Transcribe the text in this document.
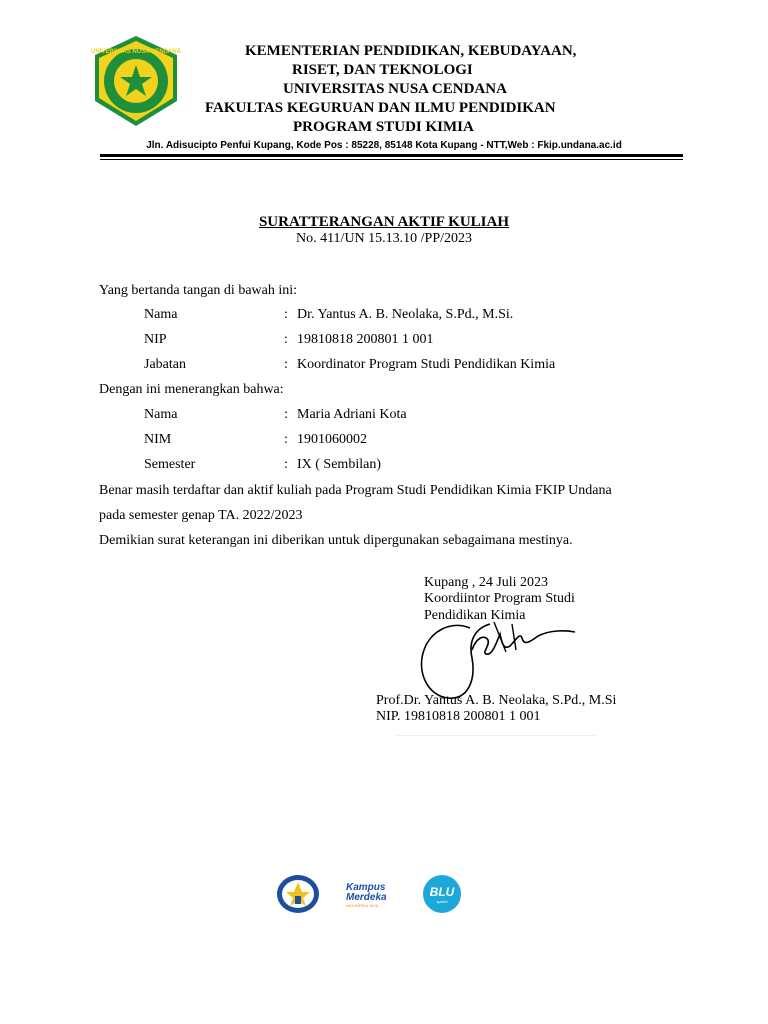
UNIVERSITAS NUSA CENDANA	KEMENTERIAN PENDIDIKAN, KEBUDAYAAN,
RISET, DAN TEKNOLOGI
UNIVERSITAS NUSA CENDANA
FAKULTAS KEGURUAN DAN ILMU PENDIDIKAN
PROGRAM STUDI KIMIA
Jln. Adisucipto Penfui Kupang, Kode Pos : 85228, 85148 Kota Kupang - NTT,Web : Fkip.undana.ac.id
SURATTERANGAN AKTIF KULIAH
No. 411/UN 15.13.10 /PP/2023
Yang bertanda tangan di bawah ini:
Nama	: Dr. Yantus A. B. Neolaka, S.Pd., M.Si.
NIP	: 19810818 200801 1 001
Jabatan	: Koordinator Program Studi Pendidikan Kimia
Dengan ini menerangkan bahwa:
Nama	: Maria Adriani Kota
NIM	: 1901060002
Semester	: IX ( Sembilan)
Benar masih terdaftar dan aktif kuliah pada Program Studi Pendidikan Kimia FKIP Undana
pada semester genap TA. 2022/2023
Demikian surat keterangan ini diberikan untuk dipergunakan sebagaimana mestinya.
Kupang , 24 Juli 2023
Koordiintor Program Studi
Pendidikan Kimia
Prof.Dr. Yantus A. B. Neolaka, S.Pd., M.Si
NIP. 19810818 200801 1 001
Kampus
Merdeka
INDONESIA JAYA
BLU
speed
